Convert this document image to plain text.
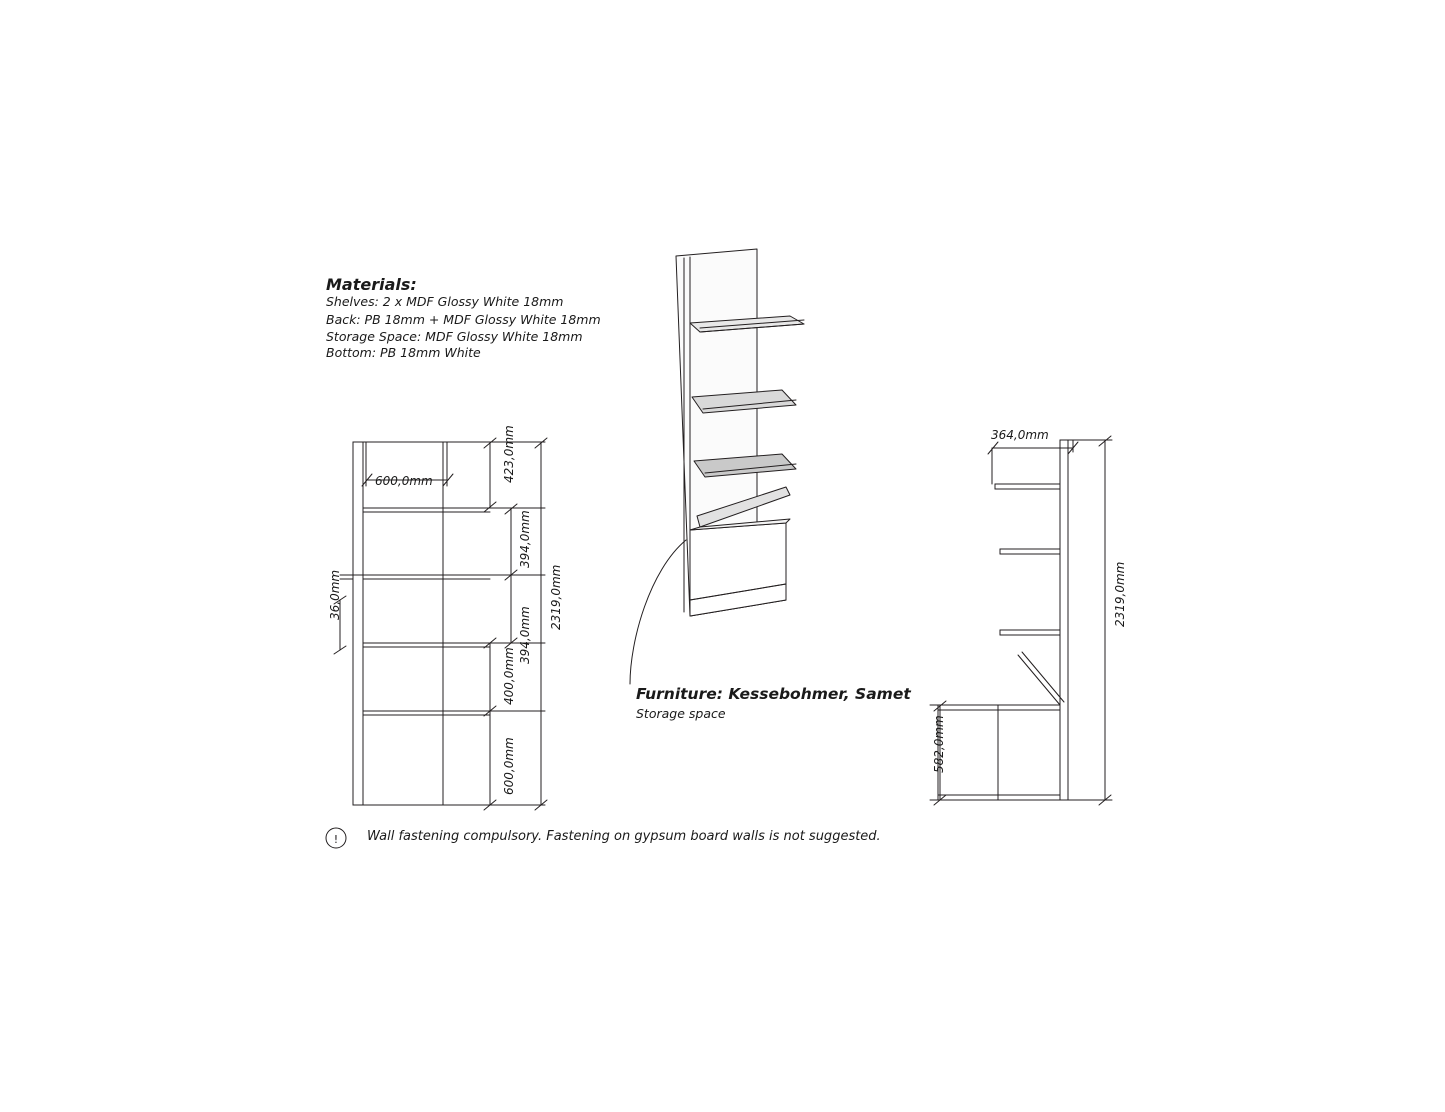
!
Materials:
Shelves: 2 x MDF Glossy White 18mm
Back: PB 18mm + MDF Glossy White 18mm
Storage Space: MDF Glossy White 18mm
Bottom: PB 18mm White
Furniture: Kessebohmer, Samet
Storage space
Wall fastening compulsory. Fastening on gypsum board walls is not suggested.
600,0mm
36,0mm
423,0mm
394,0mm
394,0mm
400,0mm
600,0mm
2319,0mm
364,0mm
2319,0mm
582,0mm
